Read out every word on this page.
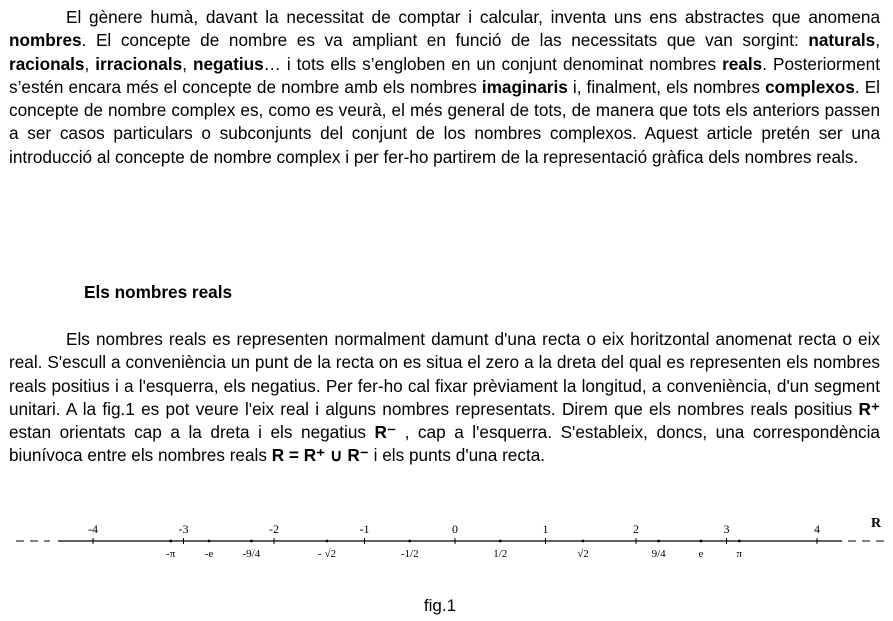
El gènere humà, davant la necessitat de comptar i calcular, inventa uns ens abstractes que anomena nombres. El concepte de nombre es va ampliant en funció de las necessitats que van sorgint: naturals, racionals, irracionals, negatius… i tots ells s’engloben en un conjunt denominat nombres reals. Posteriorment s’estén encara més el concepte de nombre amb els nombres imaginaris i, finalment, els nombres complexos. El concepte de nombre complex es, como es veurà, el més general de tots, de manera que tots els anteriors passen a ser casos particulars o subconjunts del conjunt de los nombres complexos. Aquest article pretén ser una introducció al concepte de nombre complex i per fer-ho partirem de la representació gràfica dels nombres reals.

Els nombres reals

Els nombres reals es representen normalment damunt d'una recta o eix horitzontal anomenat recta o eix real. S'escull a conveniència un punt de la recta on es situa el zero a la dreta del qual es representen els nombres reals positius i a l'esquerra, els negatius. Per fer-ho cal fixar prèviament la longitud, a conveniència, d'un segment unitari. A la fig.1 es pot veure l'eix real i alguns nombres representats. Direm que els nombres reals positius R⁺ estan orientats cap a la dreta i els negatius R⁻ , cap a l'esquerra. S'estableix, doncs, una correspondència biunívoca entre els nombres reals R = R⁺ ∪ R⁻ i els punts d'una recta.

R
-4	-3	-2	-1	0	1	2	3	4
-π	-e	-9/4	- √2	-1/2	1/2	√2	9/4	e	π
fig.1
